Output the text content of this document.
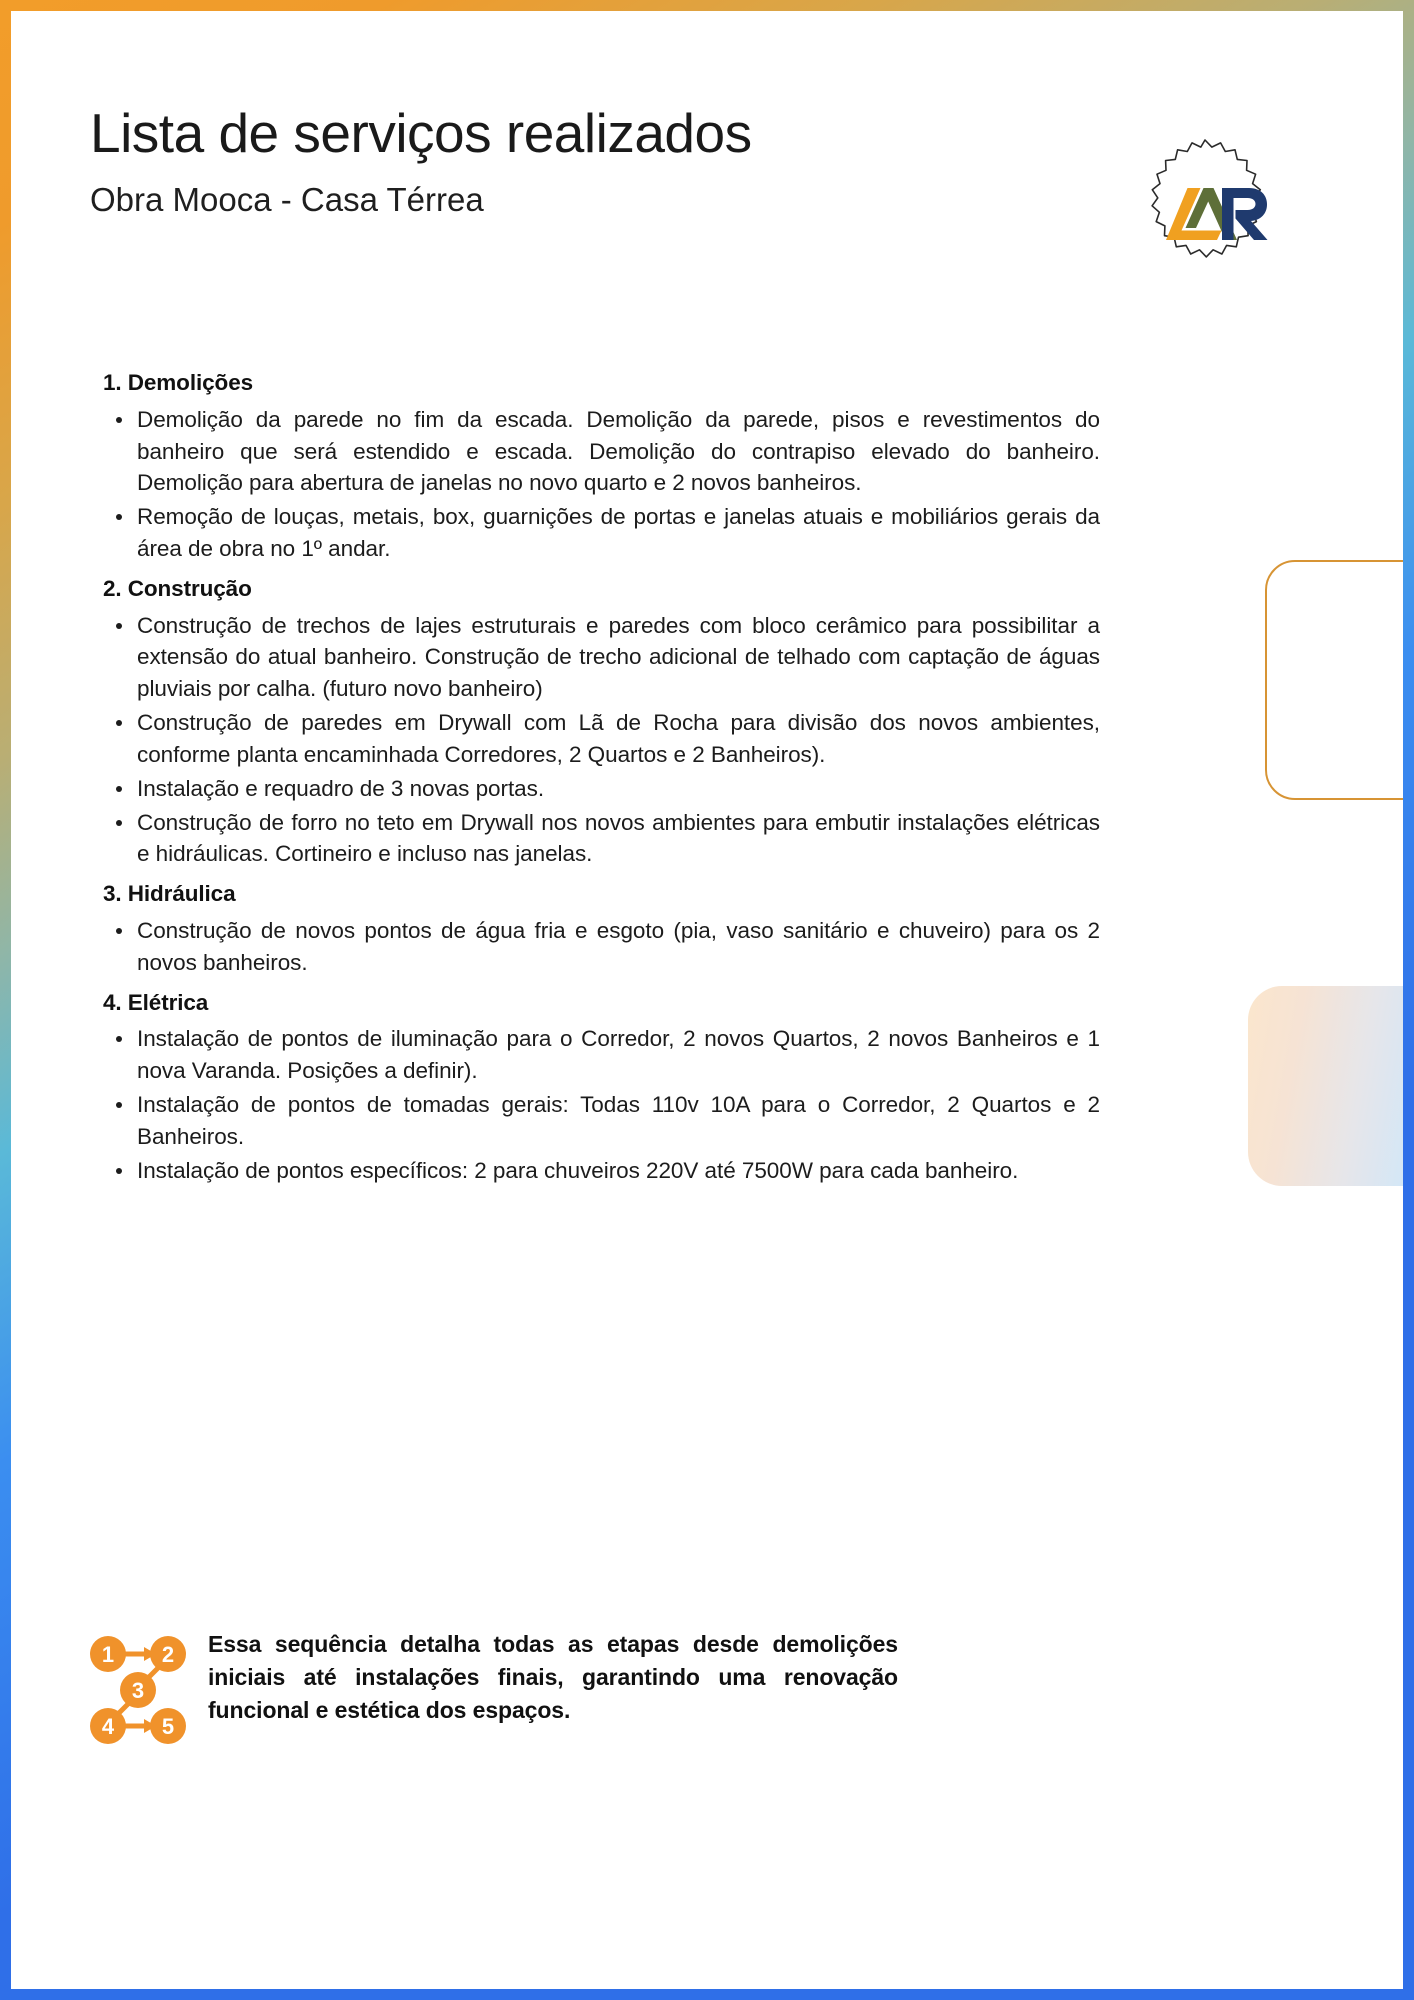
Lista de serviços realizados
Obra Mooca - Casa Térrea
1. Demolições
Demolição da parede no fim da escada. Demolição da parede, pisos e revestimentos do banheiro que será estendido e escada. Demolição do contrapiso elevado do banheiro. Demolição para abertura de janelas no novo quarto e 2 novos banheiros.
Remoção de louças, metais, box, guarnições de portas e janelas atuais e mobiliários gerais da área de obra no 1º andar.
2. Construção
Construção de trechos de lajes estruturais e paredes com bloco cerâmico para possibilitar a extensão do atual banheiro. Construção de trecho adicional de telhado com captação de águas pluviais por calha. (futuro novo banheiro)
Construção de paredes em Drywall com Lã de Rocha para divisão dos novos ambientes, conforme planta encaminhada Corredores, 2 Quartos e 2 Banheiros).
Instalação e requadro de 3 novas portas.
Construção de forro no teto em Drywall nos novos ambientes para embutir instalações elétricas e hidráulicas. Cortineiro e incluso nas janelas.
3. Hidráulica
Construção de novos pontos de água fria e esgoto (pia, vaso sanitário e chuveiro) para os 2 novos banheiros.
4. Elétrica
Instalação de pontos de iluminação para o Corredor, 2 novos Quartos, 2 novos Banheiros e 1 nova Varanda. Posições a definir).
Instalação de pontos de tomadas gerais: Todas 110v 10A para o Corredor, 2 Quartos e 2 Banheiros.
Instalação de pontos específicos: 2 para chuveiros 220V até 7500W para cada banheiro.
1 2
3
4 5
Essa sequência detalha todas as etapas desde demolições iniciais até instalações finais, garantindo uma renovação funcional e estética dos espaços.
